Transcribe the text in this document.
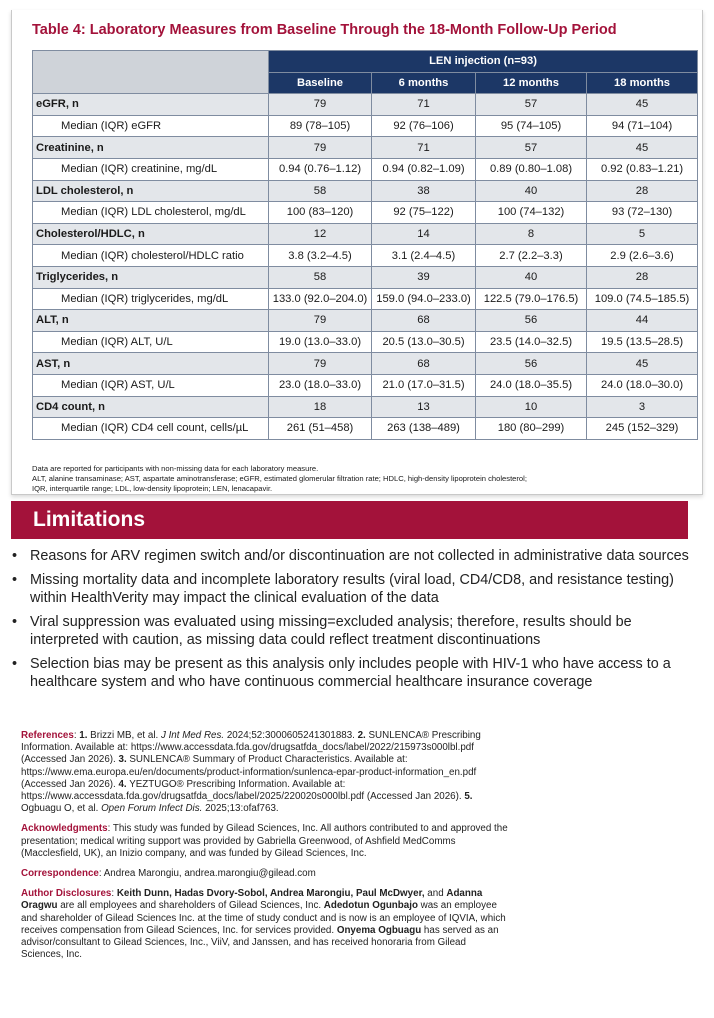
Table 4: Laboratory Measures from Baseline Through the 18-Month Follow-Up Period
	LEN injection (n=93)			
	Baseline	6 months	12 months	18 months
eGFR, n	79	71	57	45
Median (IQR) eGFR	89 (78–105)	92 (76–106)	95 (74–105)	94 (71–104)
Creatinine, n	79	71	57	45
Median (IQR) creatinine, mg/dL	0.94 (0.76–1.12)	0.94 (0.82–1.09)	0.89 (0.80–1.08)	0.92 (0.83–1.21)
LDL cholesterol, n	58	38	40	28
Median (IQR) LDL cholesterol, mg/dL	100 (83–120)	92 (75–122)	100 (74–132)	93 (72–130)
Cholesterol/HDLC, n	12	14	8	5
Median (IQR) cholesterol/HDLC ratio	3.8 (3.2–4.5)	3.1 (2.4–4.5)	2.7 (2.2–3.3)	2.9 (2.6–3.6)
Triglycerides, n	58	39	40	28
Median (IQR) triglycerides, mg/dL	133.0 (92.0–204.0)	159.0 (94.0–233.0)	122.5 (79.0–176.5)	109.0 (74.5–185.5)
ALT, n	79	68	56	44
Median (IQR) ALT, U/L	19.0 (13.0–33.0)	20.5 (13.0–30.5)	23.5 (14.0–32.5)	19.5 (13.5–28.5)
AST, n	79	68	56	45
Median (IQR) AST, U/L	23.0 (18.0–33.0)	21.0 (17.0–31.5)	24.0 (18.0–35.5)	24.0 (18.0–30.0)
CD4 count, n	18	13	10	3
Median (IQR) CD4 cell count, cells/µL	261 (51–458)	263 (138–489)	180 (80–299)	245 (152–329)
Data are reported for participants with non-missing data for each laboratory measure.
ALT, alanine transaminase; AST, aspartate aminotransferase; eGFR, estimated glomerular filtration rate; HDLC, high-density lipoprotein cholesterol;
IQR, interquartile range; LDL, low-density lipoprotein; LEN, lenacapavir.
Limitations
• Reasons for ARV regimen switch and/or discontinuation are not collected in administrative data sources
• Missing mortality data and incomplete laboratory results (viral load, CD4/CD8, and resistance testing) within HealthVerity may impact the clinical evaluation of the data
• Viral suppression was evaluated using missing=excluded analysis; therefore, results should be interpreted with caution, as missing data could reflect treatment discontinuations
• Selection bias may be present as this analysis only includes people with HIV-1 who have access to a healthcare system and who have continuous commercial healthcare insurance coverage

References: 1. Brizzi MB, et al. J Int Med Res. 2024;52:3000605241301883. 2. SUNLENCA® Prescribing Information. Available at: https://www.accessdata.fda.gov/drugsatfda_docs/label/2022/215973s000lbl.pdf (Accessed Jan 2026). 3. SUNLENCA® Summary of Product Characteristics. Available at: https://www.ema.europa.eu/en/documents/product-information/sunlenca-epar-product-information_en.pdf (Accessed Jan 2026). 4. YEZTUGO® Prescribing Information. Available at: https://www.accessdata.fda.gov/drugsatfda_docs/label/2025/220020s000lbl.pdf (Accessed Jan 2026). 5. Ogbuagu O, et al. Open Forum Infect Dis. 2025;13:ofaf763.

Acknowledgments: This study was funded by Gilead Sciences, Inc. All authors contributed to and approved the presentation; medical writing support was provided by Gabriella Greenwood, of Ashfield MedComms (Macclesfield, UK), an Inizio company, and was funded by Gilead Sciences, Inc.

Correspondence: Andrea Marongiu, andrea.marongiu@gilead.com

Author Disclosures: Keith Dunn, Hadas Dvory-Sobol, Andrea Marongiu, Paul McDwyer, and Adanna Oragwu are all employees and shareholders of Gilead Sciences, Inc. Adedotun Ogunbajo was an employee and shareholder of Gilead Sciences Inc. at the time of study conduct and is now is an employee of IQVIA, which receives compensation from Gilead Sciences, Inc. for services provided. Onyema Ogbuagu has served as an advisor/consultant to Gilead Sciences, Inc., ViiV, and Janssen, and has received honoraria from Gilead Sciences, Inc.
